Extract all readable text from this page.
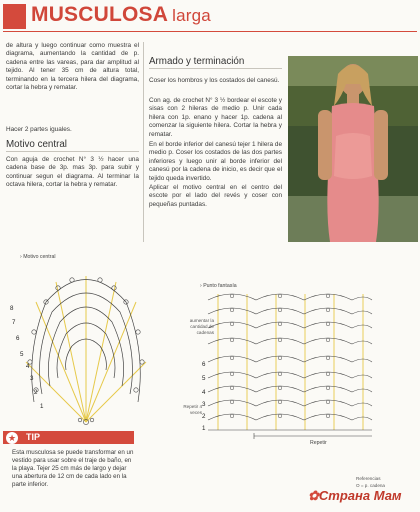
MUSCULOSA larga
de altura y luego continuar como muestra el diagrama, aumentando la cantidad de p. cadena entre las vareas, para dar amplitud al tejido. Al tener 35 cm de altura total, terminando en la tercera hilera del diagrama, cortar la hebra y rematar.
Hacer 2 partes iguales.
Motivo central
Con aguja de crochet N° 3 ½ hacer una cadena base de 3p. mas 3p. para subir y continuar segun el diagrama. Al terminar la octava hilera, cortar la hebra y rematar.
Armado y terminación
Coser los hombros y los costados del canesú.
Con ag. de crochet N° 3 ½ bordear el escote y sisas con 2 hileras de medio p. Unir cada hilera con 1p. enano y hacer 1p. cadena al comenzar la siguiente hilera. Cortar la hebra y rematar.
En el borde inferior del canesú tejer 1 hilera de medio p. Coser los costados de las dos partes inferiores y luego unir al borde inferior del canesú por la cadena de inicio, es decir que el tejido queda invertido.
Aplicar el motivo central en el centro del escote por el lado del revés y coser con pequeñas puntadas.
› Motivo central
8
7
6
5
4
3
2
1
› Punto fantasía
aumentar la cantidad de cadenas
Repetir 4 veces
6
5
4
3
2
1
Repetir
★ TIP
Esta musculosa se puede transformar en un vestido para usar sobre el traje de baño, en la playa. Tejer 25 cm más de largo y dejar una abertura de 12 cm de cada lado en la parte inferior.
Referencias
O = p. cadena
✿Страна Мам
